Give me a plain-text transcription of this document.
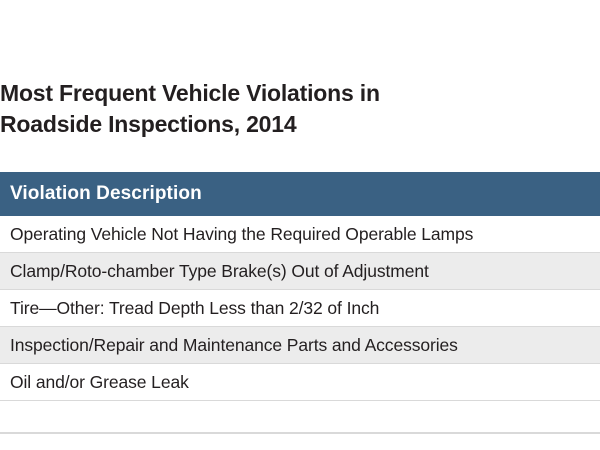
Most Frequent Vehicle Violations in
Roadside Inspections, 2014
Violation Description
Operating Vehicle Not Having the Required Operable Lamps
Clamp/Roto-chamber Type Brake(s) Out of Adjustment
Tire—Other: Tread Depth Less than 2/32 of Inch
Inspection/Repair and Maintenance Parts and Accessories
Oil and/or Grease Leak
